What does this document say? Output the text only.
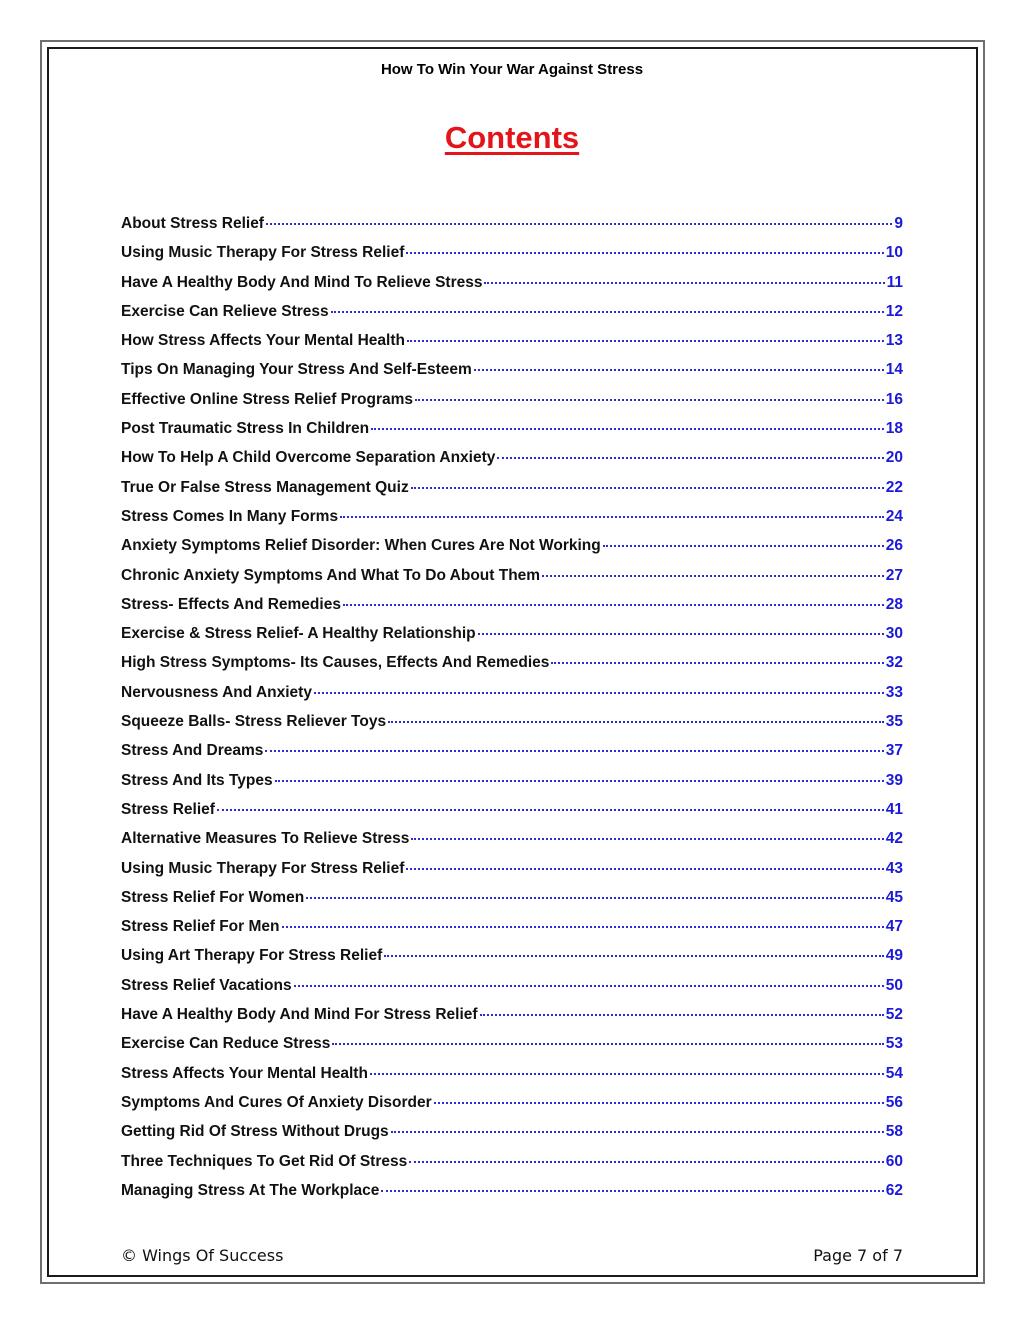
How To Win Your War Against Stress
Contents
About Stress Relief	9
Using Music Therapy For Stress Relief	10
Have A Healthy Body And Mind To Relieve Stress	11
Exercise Can Relieve Stress	12
How Stress Affects Your Mental Health	13
Tips On Managing Your Stress And Self-Esteem	14
Effective Online Stress Relief Programs	16
Post Traumatic Stress In Children	18
How To Help A Child Overcome Separation Anxiety	20
True Or False Stress Management Quiz	22
Stress Comes In Many Forms	24
Anxiety Symptoms Relief Disorder: When Cures Are Not Working	26
Chronic Anxiety Symptoms And What To Do About Them	27
Stress- Effects And Remedies	28
Exercise & Stress Relief- A Healthy Relationship	30
High Stress Symptoms- Its Causes, Effects And Remedies	32
Nervousness And Anxiety	33
Squeeze Balls- Stress Reliever Toys	35
Stress And Dreams	37
Stress And Its Types	39
Stress Relief	41
Alternative Measures To Relieve Stress	42
Using Music Therapy For Stress Relief	43
Stress Relief For Women	45
Stress Relief For Men	47
Using Art Therapy For Stress Relief	49
Stress Relief Vacations	50
Have A Healthy Body And Mind For Stress Relief	52
Exercise Can Reduce Stress	53
Stress Affects Your Mental Health	54
Symptoms And Cures Of Anxiety Disorder	56
Getting Rid Of Stress Without Drugs	58
Three Techniques To Get Rid Of Stress	60
Managing Stress At The Workplace	62
© Wings Of Success	Page 7 of 7
